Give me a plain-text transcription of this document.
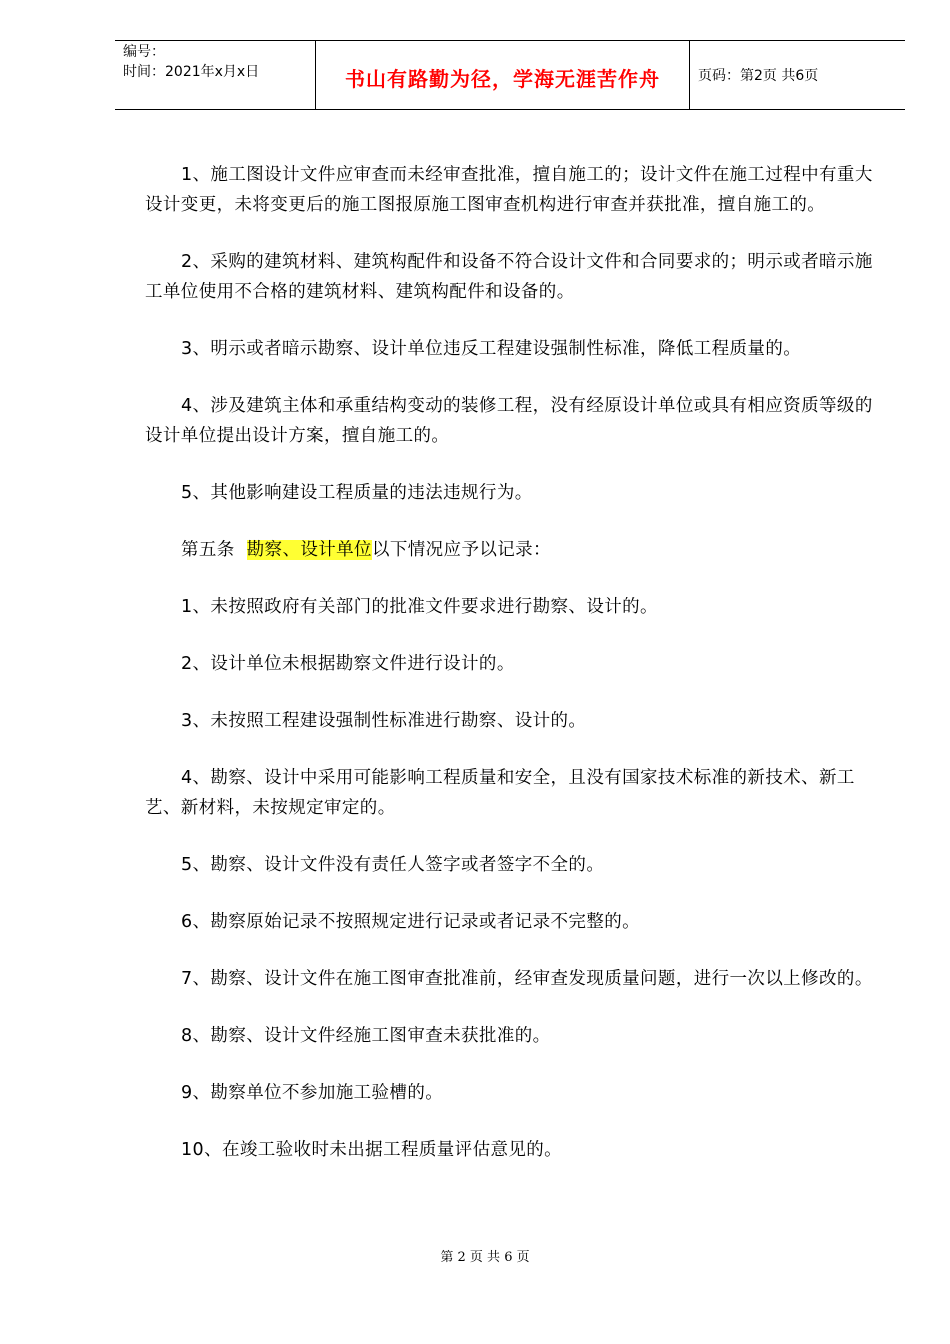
编号：
时间：2021年x月x日	书山有路勤为径，学海无涯苦作舟	页码：第2页 共6页

1、施工图设计文件应审查而未经审查批准，擅自施工的；设计文件在施工过程中有重大设计变更，未将变更后的施工图报原施工图审查机构进行审查并获批准，擅自施工的。

2、采购的建筑材料、建筑构配件和设备不符合设计文件和合同要求的；明示或者暗示施工单位使用不合格的建筑材料、建筑构配件和设备的。

3、明示或者暗示勘察、设计单位违反工程建设强制性标准，降低工程质量的。

4、涉及建筑主体和承重结构变动的装修工程，没有经原设计单位或具有相应资质等级的设计单位提出设计方案，擅自施工的。

5、其他影响建设工程质量的违法违规行为。

第五条  勘察、设计单位以下情况应予以记录：

1、未按照政府有关部门的批准文件要求进行勘察、设计的。

2、设计单位未根据勘察文件进行设计的。

3、未按照工程建设强制性标准进行勘察、设计的。

4、勘察、设计中采用可能影响工程质量和安全，且没有国家技术标准的新技术、新工艺、新材料，未按规定审定的。

5、勘察、设计文件没有责任人签字或者签字不全的。

6、勘察原始记录不按照规定进行记录或者记录不完整的。

7、勘察、设计文件在施工图审查批准前，经审查发现质量问题，进行一次以上修改的。

8、勘察、设计文件经施工图审查未获批准的。

9、勘察单位不参加施工验槽的。

10、在竣工验收时未出据工程质量评估意见的。

第 2 页 共 6 页
